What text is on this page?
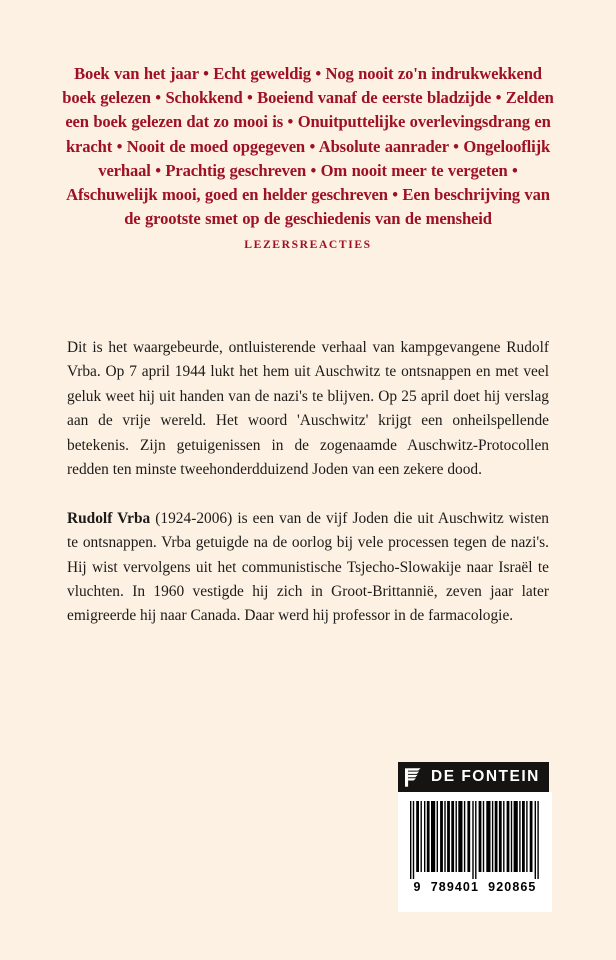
Boek van het jaar • Echt geweldig • Nog nooit zo'n indrukwekkend boek gelezen • Schokkend • Boeiend vanaf de eerste bladzijde • Zelden een boek gelezen dat zo mooi is • Onuitputtelijke overlevingsdrang en kracht • Nooit de moed opgegeven • Absolute aanrader • Ongelooflijk verhaal • Prachtig geschreven • Om nooit meer te vergeten • Afschuwelijk mooi, goed en helder geschreven • Een beschrijving van de grootste smet op de geschiedenis van de mensheid

LEZERSREACTIES

Dit is het waargebeurde, ontluisterende verhaal van kampgevangene Rudolf Vrba. Op 7 april 1944 lukt het hem uit Auschwitz te ontsnappen en met veel geluk weet hij uit handen van de nazi's te blijven. Op 25 april doet hij verslag aan de vrije wereld. Het woord 'Auschwitz' krijgt een onheilspellende betekenis. Zijn getuigenissen in de zogenaamde Auschwitz-Protocollen redden ten minste tweehonderdduizend Joden van een zekere dood.

Rudolf Vrba (1924-2006) is een van de vijf Joden die uit Auschwitz wisten te ontsnappen. Vrba getuigde na de oorlog bij vele processen tegen de nazi's. Hij wist vervolgens uit het communistische Tsjecho-Slowakije naar Israël te vluchten. In 1960 vestigde hij zich in Groot-Brittannië, zeven jaar later emigreerde hij naar Canada. Daar werd hij professor in de farmacologie.

DE FONTEIN
9  789401  920865
